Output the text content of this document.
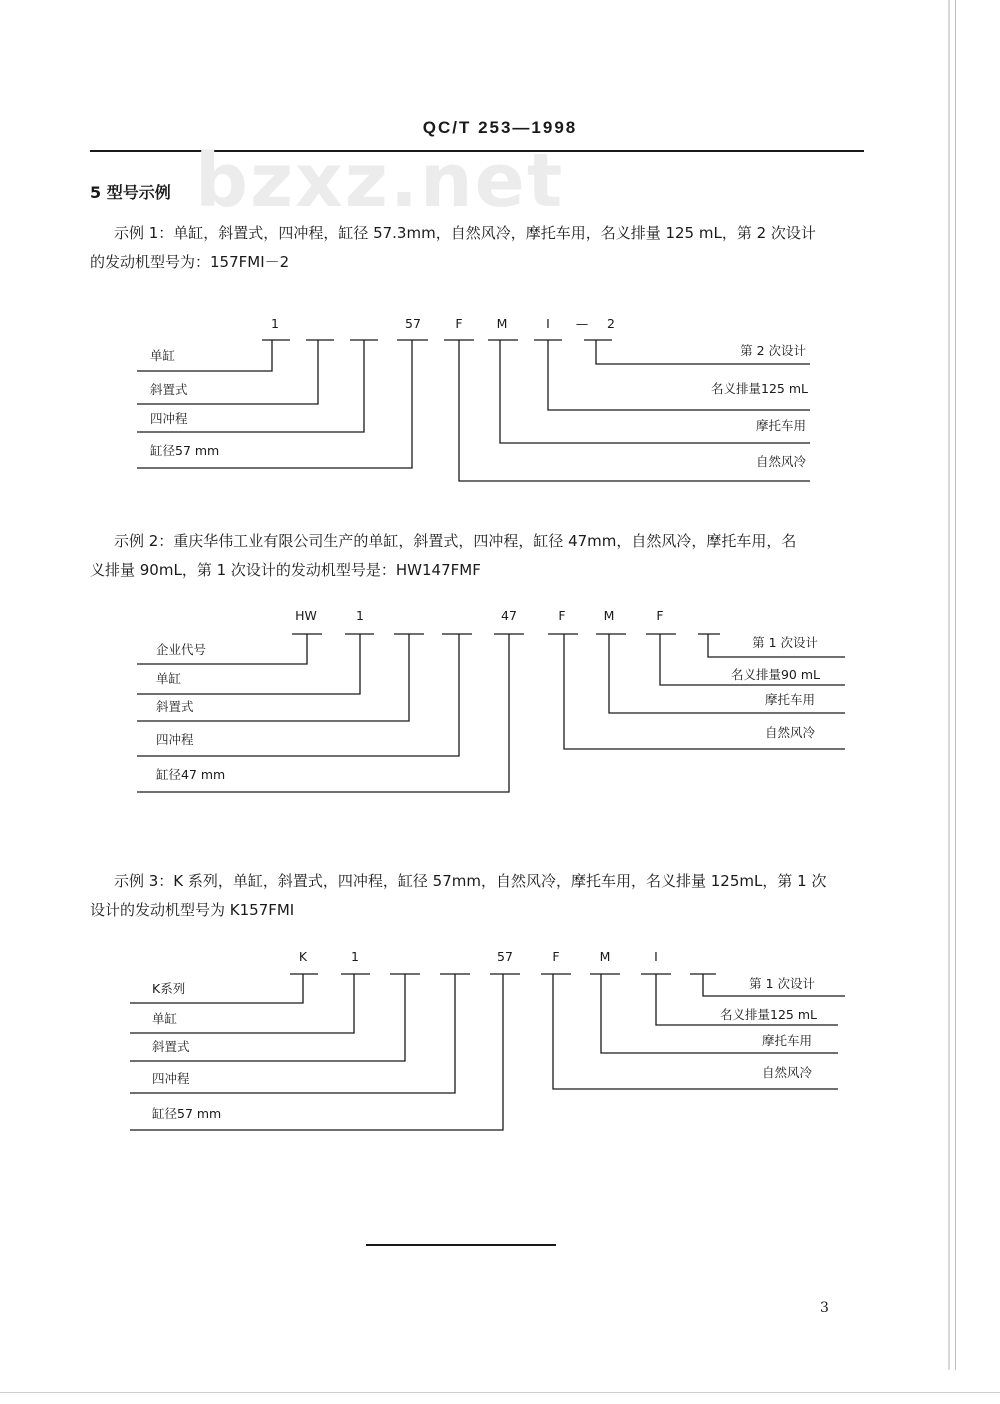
QC/T 253—1998
bzxz.net
5 型号示例
示例 1：单缸，斜置式，四冲程，缸径 57.3mm，自然风冷，摩托车用，名义排量 125 mL，第 2 次设计
的发动机型号为：157FMI－2
1	57	F	M	I — 2
单缸
斜置式
四冲程
缸径57 mm
第 2 次设计
名义排量125 mL
摩托车用
自然风冷
示例 2：重庆华伟工业有限公司生产的单缸，斜置式，四冲程，缸径 47mm，自然风冷，摩托车用，名
义排量 90mL，第 1 次设计的发动机型号是：HW147FMF
HW	1	47	F	M	F
企业代号
单缸
斜置式
四冲程
缸径47 mm
第 1 次设计
名义排量90 mL
摩托车用
自然风冷
示例 3：K 系列，单缸，斜置式，四冲程，缸径 57mm，自然风冷，摩托车用，名义排量 125mL，第 1 次
设计的发动机型号为 K157FMI
K	1	57	F	M	I
K系列
单缸
斜置式
四冲程
缸径57 mm
第 1 次设计
名义排量125 mL
摩托车用
自然风冷
3
